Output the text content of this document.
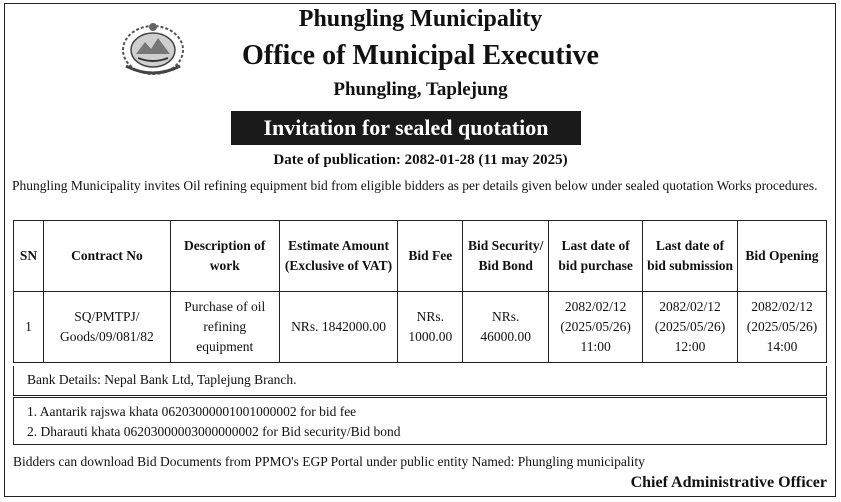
Phungling Municipality
Office of Municipal Executive
Phungling, Taplejung
Invitation for sealed quotation
Date of publication: 2082-01-28 (11 may 2025)
Phungling Municipality invites Oil refining equipment bid from eligible bidders as per details given below under sealed quotation Works procedures.
SN	Contract No	Description of work	Estimate Amount (Exclusive of VAT)	Bid Fee	Bid Security/ Bid Bond	Last date of bid purchase	Last date of bid submission	Bid Opening
1	SQ/PMTPJ/ Goods/09/081/82	Purchase of oil refining equipment	NRs. 1842000.00	NRs. 1000.00	NRs. 46000.00	2082/02/12 (2025/05/26) 11:00	2082/02/12 (2025/05/26) 12:00	2082/02/12 (2025/05/26) 14:00
Bank Details: Nepal Bank Ltd, Taplejung Branch.
1. Aantarik rajswa khata 06203000001001000002 for bid fee
2. Dharauti khata 06203000003000000002 for Bid security/Bid bond
Bidders can download Bid Documents from PPMO's EGP Portal under public entity Named: Phungling municipality
Chief Administrative Officer
